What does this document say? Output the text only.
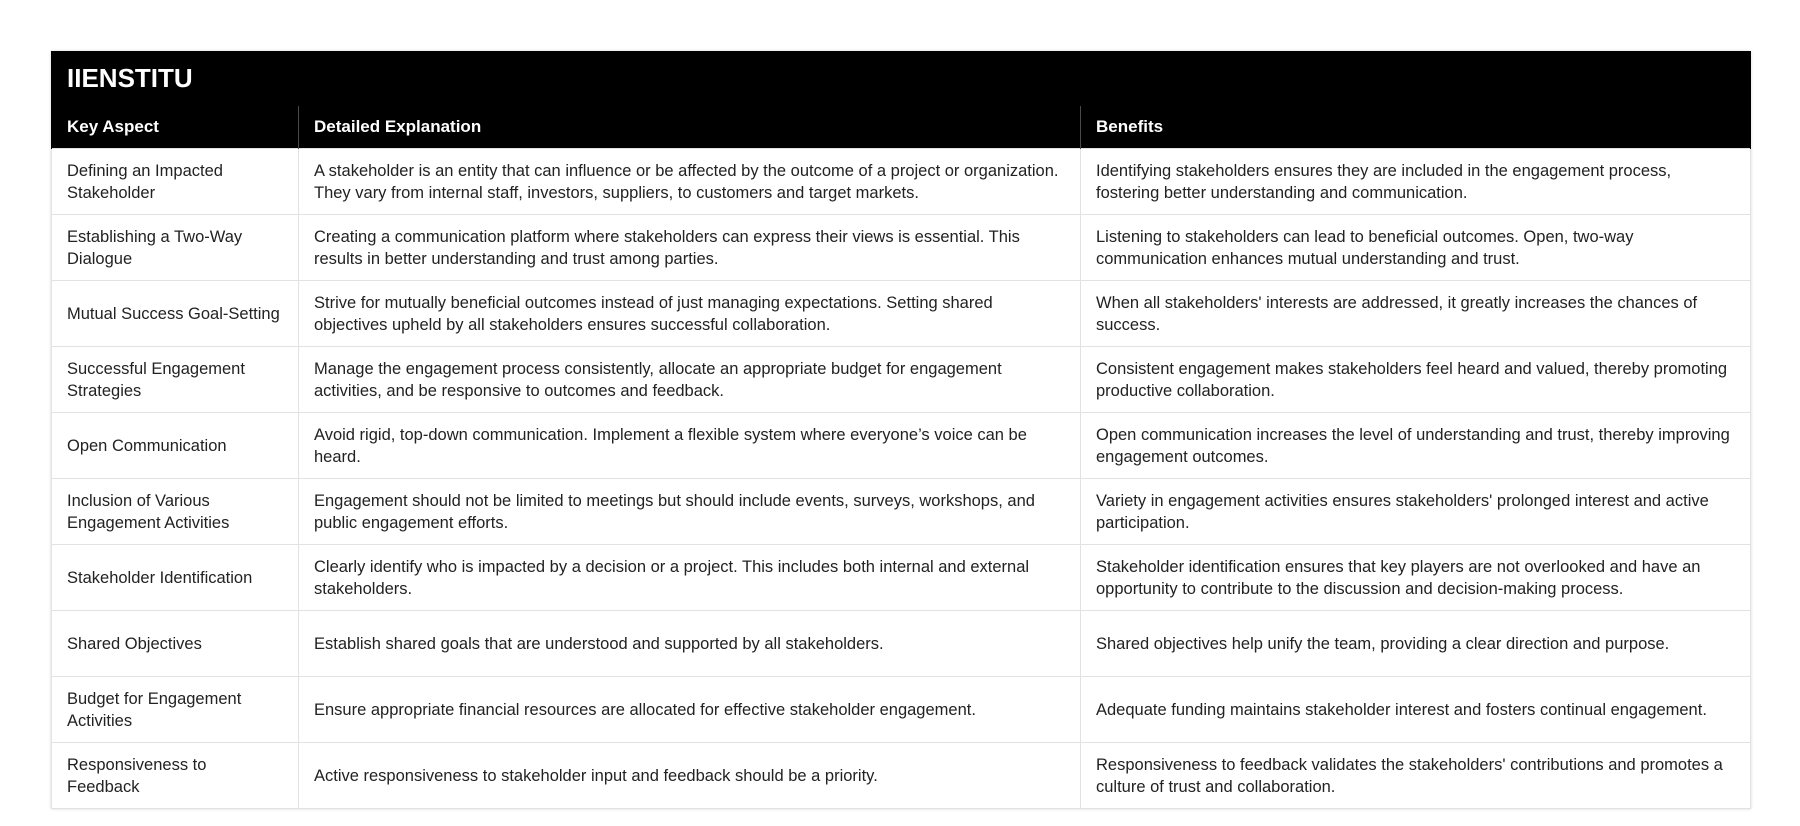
IIENSTITU		
Key Aspect	Detailed Explanation	Benefits
Defining an Impacted Stakeholder	A stakeholder is an entity that can influence or be affected by the outcome of a project or organization. They vary from internal staff, investors, suppliers, to customers and target markets.	Identifying stakeholders ensures they are included in the engagement process, fostering better understanding and communication.
Establishing a Two-Way Dialogue	Creating a communication platform where stakeholders can express their views is essential. This results in better understanding and trust among parties.	Listening to stakeholders can lead to beneficial outcomes. Open, two-way communication enhances mutual understanding and trust.
Mutual Success Goal-Setting	Strive for mutually beneficial outcomes instead of just managing expectations. Setting shared objectives upheld by all stakeholders ensures successful collaboration.	When all stakeholders' interests are addressed, it greatly increases the chances of success.
Successful Engagement Strategies	Manage the engagement process consistently, allocate an appropriate budget for engagement activities, and be responsive to outcomes and feedback.	Consistent engagement makes stakeholders feel heard and valued, thereby promoting productive collaboration.
Open Communication	Avoid rigid, top-down communication. Implement a flexible system where everyone’s voice can be heard.	Open communication increases the level of understanding and trust, thereby improving engagement outcomes.
Inclusion of Various Engagement Activities	Engagement should not be limited to meetings but should include events, surveys, workshops, and public engagement efforts.	Variety in engagement activities ensures stakeholders' prolonged interest and active participation.
Stakeholder Identification	Clearly identify who is impacted by a decision or a project. This includes both internal and external stakeholders.	Stakeholder identification ensures that key players are not overlooked and have an opportunity to contribute to the discussion and decision-making process.
Shared Objectives	Establish shared goals that are understood and supported by all stakeholders.	Shared objectives help unify the team, providing a clear direction and purpose.
Budget for Engagement Activities	Ensure appropriate financial resources are allocated for effective stakeholder engagement.	Adequate funding maintains stakeholder interest and fosters continual engagement.
Responsiveness to Feedback	Active responsiveness to stakeholder input and feedback should be a priority.	Responsiveness to feedback validates the stakeholders' contributions and promotes a culture of trust and collaboration.
